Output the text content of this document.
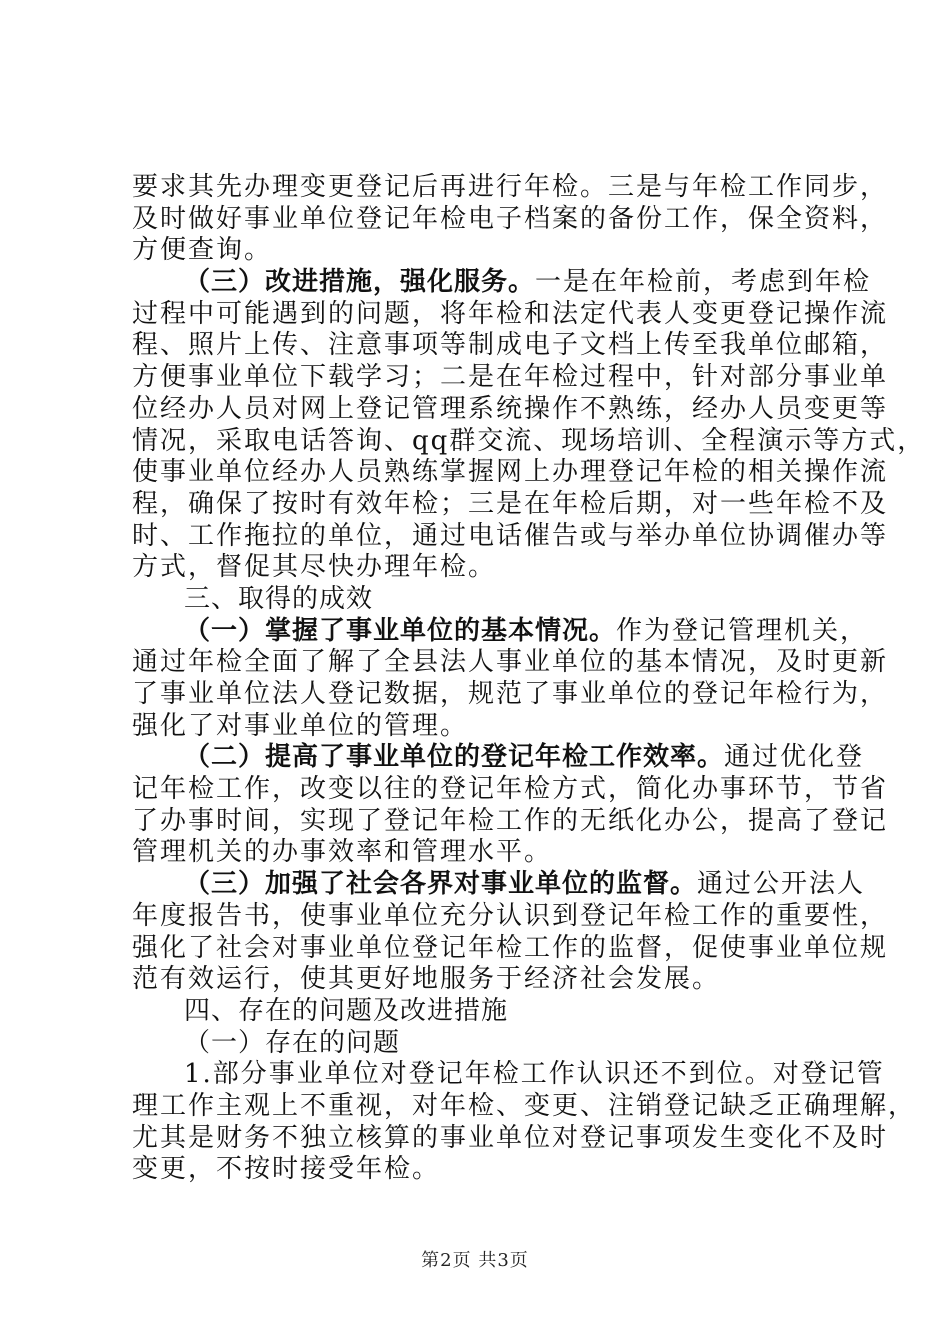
要求其先办理变更登记后再进行年检。三是与年检工作同步，
及时做好事业单位登记年检电子档案的备份工作，保全资料，
方便查询。
（三）改进措施，强化服务。一是在年检前，考虑到年检
过程中可能遇到的问题，将年检和法定代表人变更登记操作流
程、照片上传、注意事项等制成电子文档上传至我单位邮箱，
方便事业单位下载学习；二是在年检过程中，针对部分事业单
位经办人员对网上登记管理系统操作不熟练，经办人员变更等
情况，采取电话答询、qq群交流、现场培训、全程演示等方式，
使事业单位经办人员熟练掌握网上办理登记年检的相关操作流
程，确保了按时有效年检；三是在年检后期，对一些年检不及
时、工作拖拉的单位，通过电话催告或与举办单位协调催办等
方式，督促其尽快办理年检。
三、取得的成效
（一）掌握了事业单位的基本情况。作为登记管理机关，
通过年检全面了解了全县法人事业单位的基本情况，及时更新
了事业单位法人登记数据，规范了事业单位的登记年检行为，
强化了对事业单位的管理。
（二）提高了事业单位的登记年检工作效率。通过优化登
记年检工作，改变以往的登记年检方式，简化办事环节，节省
了办事时间，实现了登记年检工作的无纸化办公，提高了登记
管理机关的办事效率和管理水平。
（三）加强了社会各界对事业单位的监督。通过公开法人
年度报告书，使事业单位充分认识到登记年检工作的重要性，
强化了社会对事业单位登记年检工作的监督，促使事业单位规
范有效运行，使其更好地服务于经济社会发展。
四、存在的问题及改进措施
（一）存在的问题
1.部分事业单位对登记年检工作认识还不到位。对登记管
理工作主观上不重视，对年检、变更、注销登记缺乏正确理解，
尤其是财务不独立核算的事业单位对登记事项发生变化不及时
变更，不按时接受年检。
第2页 共3页
